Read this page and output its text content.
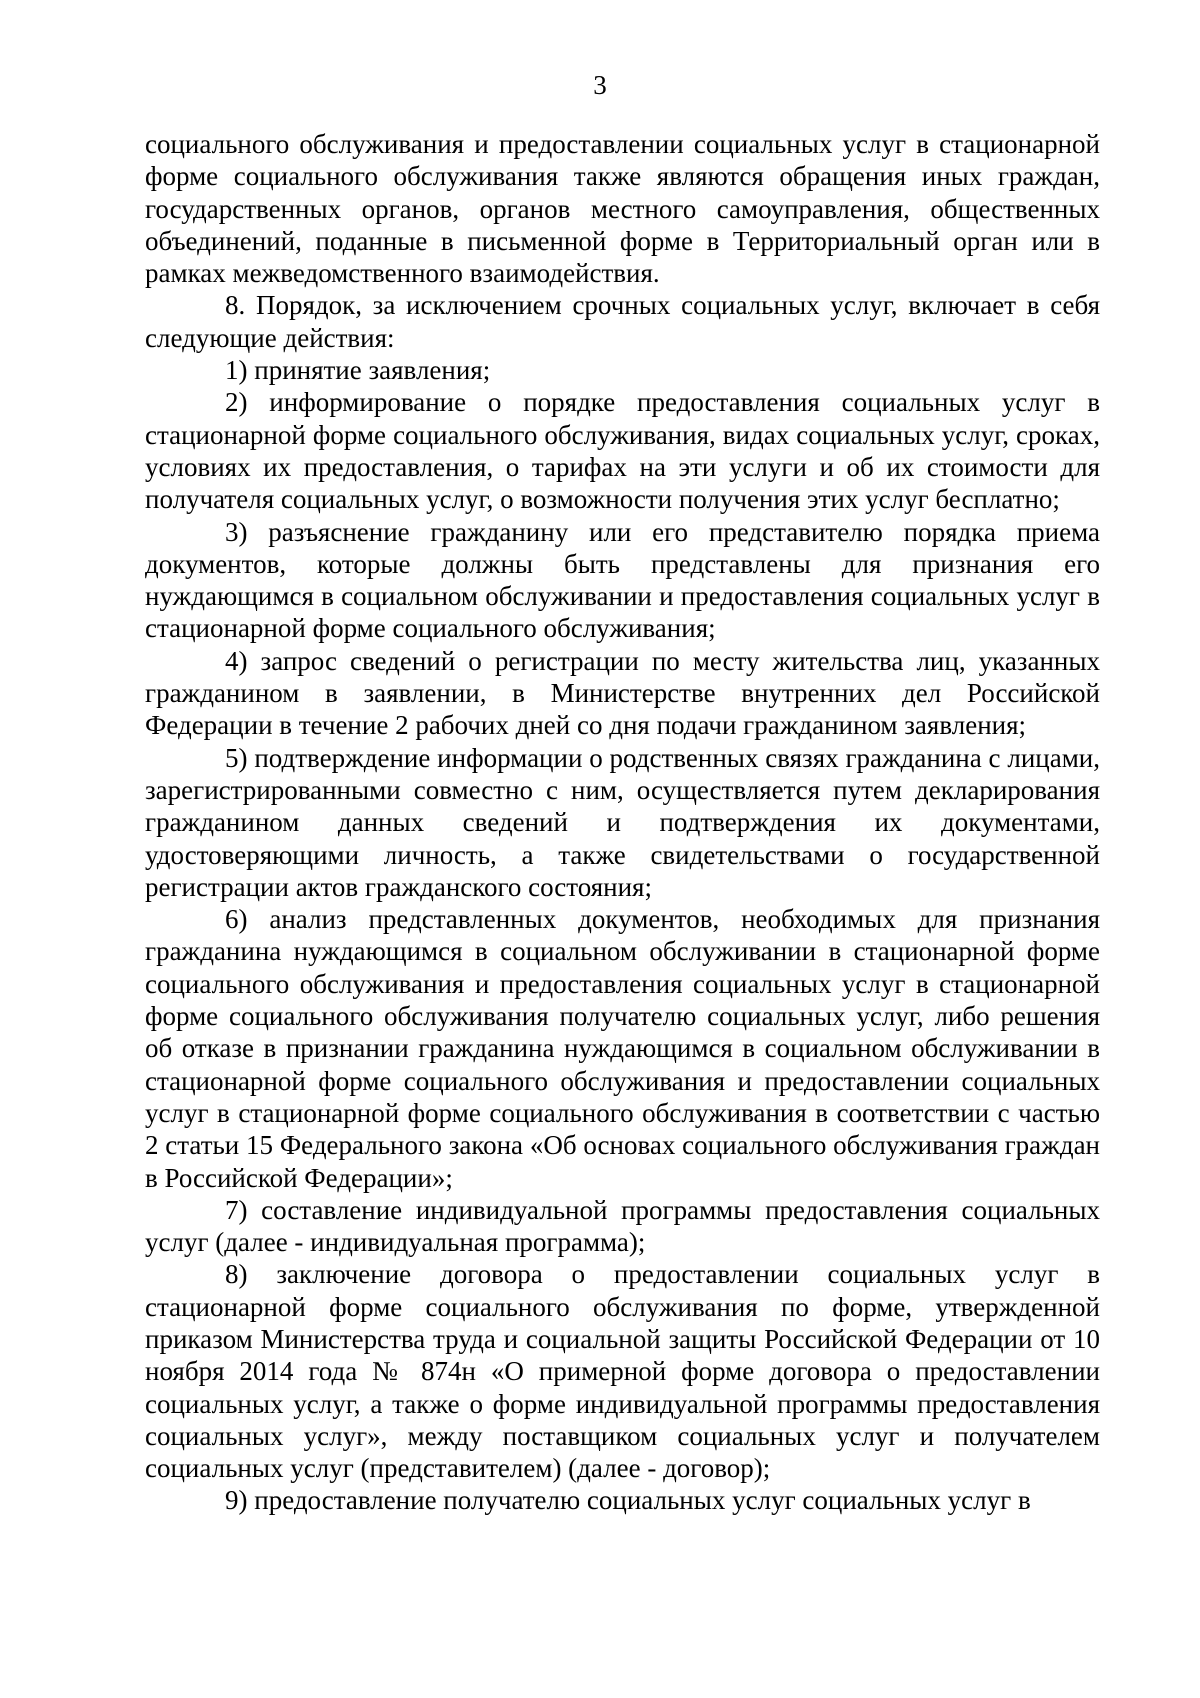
3

социального обслуживания и предоставлении социальных услуг в стационарной форме социального обслуживания также являются обращения иных граждан, государственных органов, органов местного самоуправления, общественных объединений, поданные в письменной форме в Территориальный орган или в рамках межведомственного взаимодействия.

8. Порядок, за исключением срочных социальных услуг, включает в себя следующие действия:

1) принятие заявления;

2) информирование о порядке предоставления социальных услуг в стационарной форме социального обслуживания, видах социальных услуг, сроках, условиях их предоставления, о тарифах на эти услуги и об их стоимости для получателя социальных услуг, о возможности получения этих услуг бесплатно;

3) разъяснение гражданину или его представителю порядка приема документов, которые должны быть представлены для признания его нуждающимся в социальном обслуживании и предоставления социальных услуг в стационарной форме социального обслуживания;

4) запрос сведений о регистрации по месту жительства лиц, указанных гражданином в заявлении, в Министерстве внутренних дел Российской Федерации в течение 2 рабочих дней со дня подачи гражданином заявления;

5) подтверждение информации о родственных связях гражданина с лицами, зарегистрированными совместно с ним, осуществляется путем декларирования гражданином данных сведений и подтверждения их документами, удостоверяющими личность, а также свидетельствами о государственной регистрации актов гражданского состояния;

6) анализ представленных документов, необходимых для признания гражданина нуждающимся в социальном обслуживании в стационарной форме социального обслуживания и предоставления социальных услуг в стационарной форме социального обслуживания получателю социальных услуг, либо решения об отказе в признании гражданина нуждающимся в социальном обслуживании в стационарной форме социального обслуживания и предоставлении социальных услуг в стационарной форме социального обслуживания в соответствии с частью 2 статьи 15 Федерального закона «Об основах социального обслуживания граждан в Российской Федерации»;

7) составление индивидуальной программы предоставления социальных услуг (далее - индивидуальная программа);

8) заключение договора о предоставлении социальных услуг в стационарной форме социального обслуживания по форме, утвержденной приказом Министерства труда и социальной защиты Российской Федерации от 10 ноября 2014 года № 874н «О примерной форме договора о предоставлении социальных услуг, а также о форме индивидуальной программы предоставления социальных услуг», между поставщиком социальных услуг и получателем социальных услуг (представителем) (далее - договор);

9) предоставление получателю социальных услуг социальных услуг в
